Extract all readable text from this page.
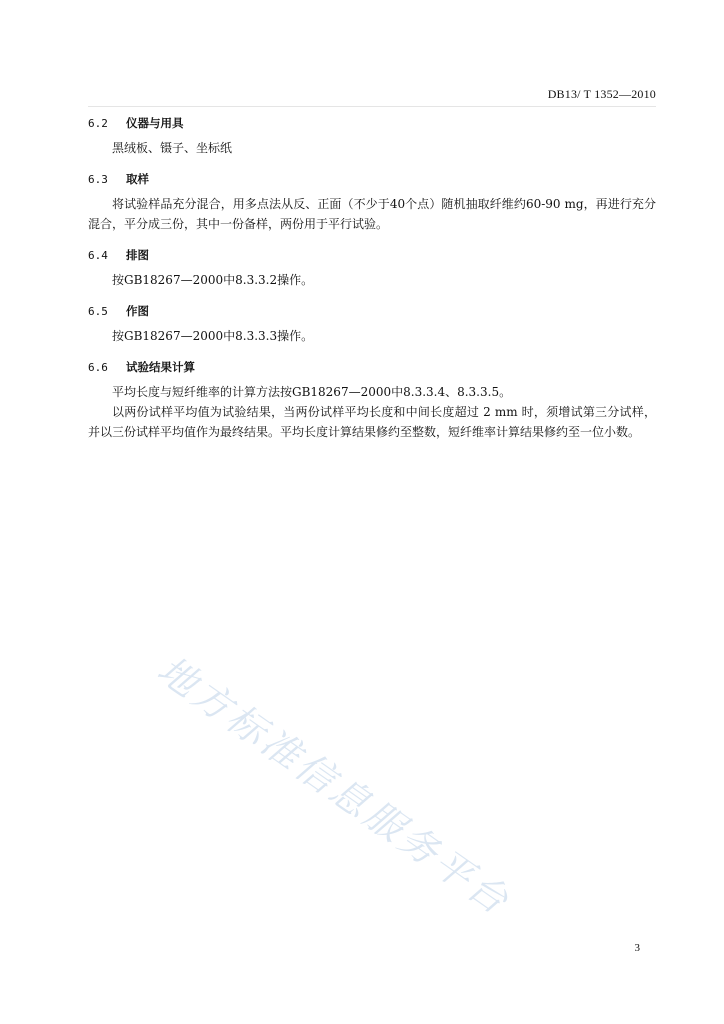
DB13/ T 1352—2010
6.2	仪器与用具

黑绒板、镊子、坐标纸

6.3	取样

将试验样品充分混合，用多点法从反、正面（不少于40个点）随机抽取纤维约60-90 mg，再进行充分混合，平分成三份，其中一份备样，两份用于平行试验。

6.4	排图

按GB18267—2000中8.3.3.2操作。

6.5	作图

按GB18267—2000中8.3.3.3操作。

6.6	试验结果计算

平均长度与短纤维率的计算方法按GB18267—2000中8.3.3.4、8.3.3.5。

以两份试样平均值为试验结果，当两份试样平均长度和中间长度超过 2 mm 时，须增试第三分试样，并以三份试样平均值作为最终结果。平均长度计算结果修约至整数，短纤维率计算结果修约至一位小数。

地方标准信息服务平台
3
